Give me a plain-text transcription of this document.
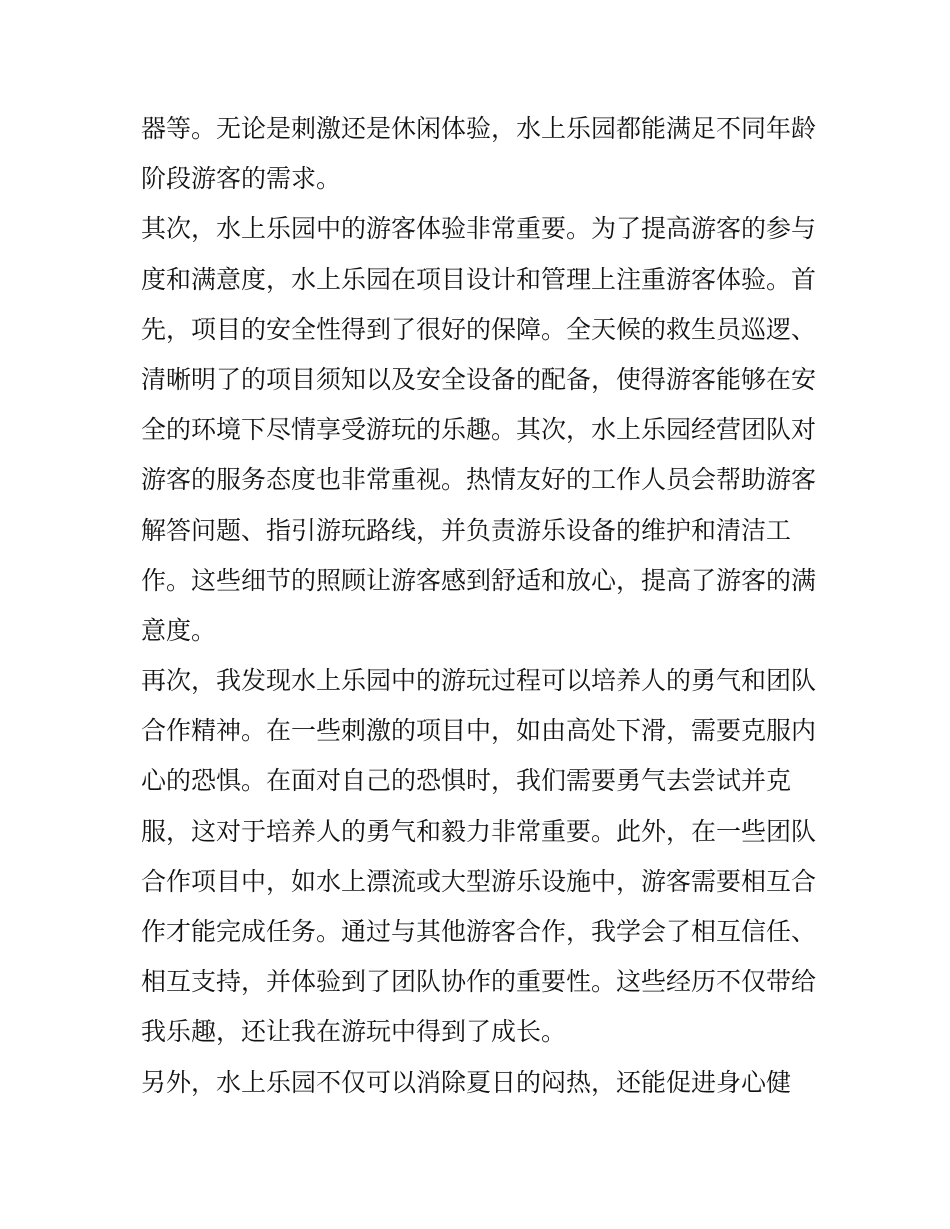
器等。无论是刺激还是休闲体验，水上乐园都能满足不同年龄
阶段游客的需求。
其次，水上乐园中的游客体验非常重要。为了提高游客的参与
度和满意度，水上乐园在项目设计和管理上注重游客体验。首
先，项目的安全性得到了很好的保障。全天候的救生员巡逻、
清晰明了的项目须知以及安全设备的配备，使得游客能够在安
全的环境下尽情享受游玩的乐趣。其次，水上乐园经营团队对
游客的服务态度也非常重视。热情友好的工作人员会帮助游客
解答问题、指引游玩路线，并负责游乐设备的维护和清洁工
作。这些细节的照顾让游客感到舒适和放心，提高了游客的满
意度。
再次，我发现水上乐园中的游玩过程可以培养人的勇气和团队
合作精神。在一些刺激的项目中，如由高处下滑，需要克服内
心的恐惧。在面对自己的恐惧时，我们需要勇气去尝试并克
服，这对于培养人的勇气和毅力非常重要。此外，在一些团队
合作项目中，如水上漂流或大型游乐设施中，游客需要相互合
作才能完成任务。通过与其他游客合作，我学会了相互信任、
相互支持，并体验到了团队协作的重要性。这些经历不仅带给
我乐趣，还让我在游玩中得到了成长。
另外，水上乐园不仅可以消除夏日的闷热，还能促进身心健
